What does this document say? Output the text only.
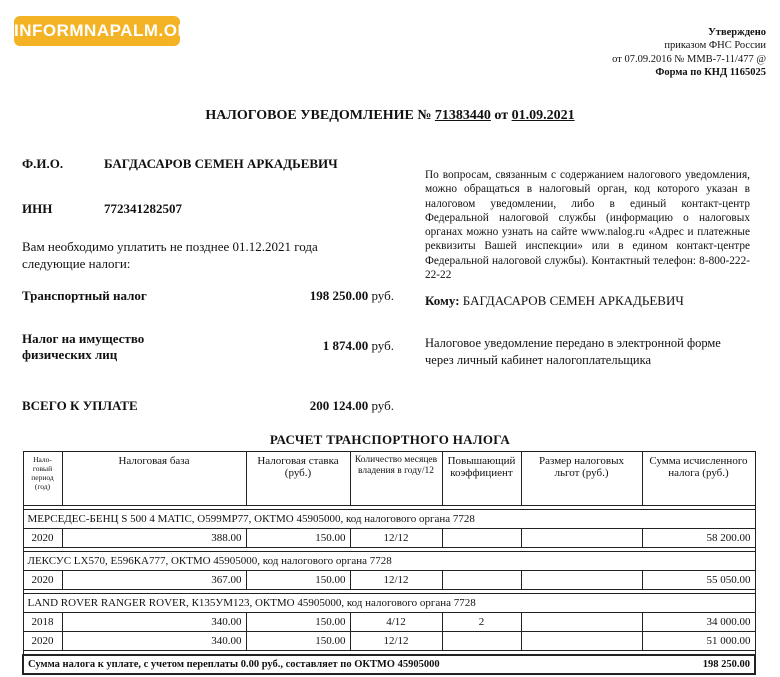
INFORMNAPALM.ORG	Утверждено
приказом ФНС России
от 07.09.2016 № ММВ-7-11/477 @
Форма по КНД 1165025
НАЛОГОВОЕ УВЕДОМЛЕНИЕ № 71383440 от 01.09.2021
Ф.И.О.	БАГДАСАРОВ СЕМЕН АРКАДЬЕВИЧ
ИНН	772341282507
Вам необходимо уплатить не позднее 01.12.2021 года
следующие налоги:
Транспортный налог	198 250.00 руб.
Налог на имущество
физических лиц
1 874.00 руб.
ВСЕГО К УПЛАТЕ	200 124.00 руб.
По вопросам, связанным с содержанием налогового уведомления, можно обращаться в налоговый орган, код которого указан в налоговом уведомлении, либо в единый контакт-центр Федеральной налоговой службы (информацию о налоговых органах можно узнать на сайте www.nalog.ru «Адрес и платежные реквизиты Вашей инспекции» или в едином контакт-центре Федеральной налоговой службы). Контактный телефон: 8-800-222-22-22
Кому: БАГДАСАРОВ СЕМЕН АРКАДЬЕВИЧ
Налоговое уведомление передано в электронной форме
через личный кабинет налогоплательщика
РАСЧЕТ ТРАНСПОРТНОГО НАЛОГА
Нало-говый период (год)	Налоговая база	Налоговая ставка (руб.)	Количество месяцев владения в году/12	Повышающий коэффициент	Размер налоговых льгот (руб.)	Сумма исчисленного налога (руб.)

МЕРСЕДЕС-БЕНЦ S 500 4 MATIC, О599МР77, ОКТМО 45905000, код налогового органа 7728						
2020	388.00	150.00	12/12			58 200.00

ЛЕКСУС LX570, Е596КА777, ОКТМО 45905000, код налогового органа 7728						
2020	367.00	150.00	12/12			55 050.00

LAND ROVER RANGER ROVER, К135УМ123, ОКТМО 45905000, код налогового органа 7728						
2018	340.00	150.00	4/12	2		34 000.00
2020	340.00	150.00	12/12			51 000.00

Сумма налога к уплате, с учетом переплаты 0.00 руб., составляет по ОКТМО 45905000						198 250.00
